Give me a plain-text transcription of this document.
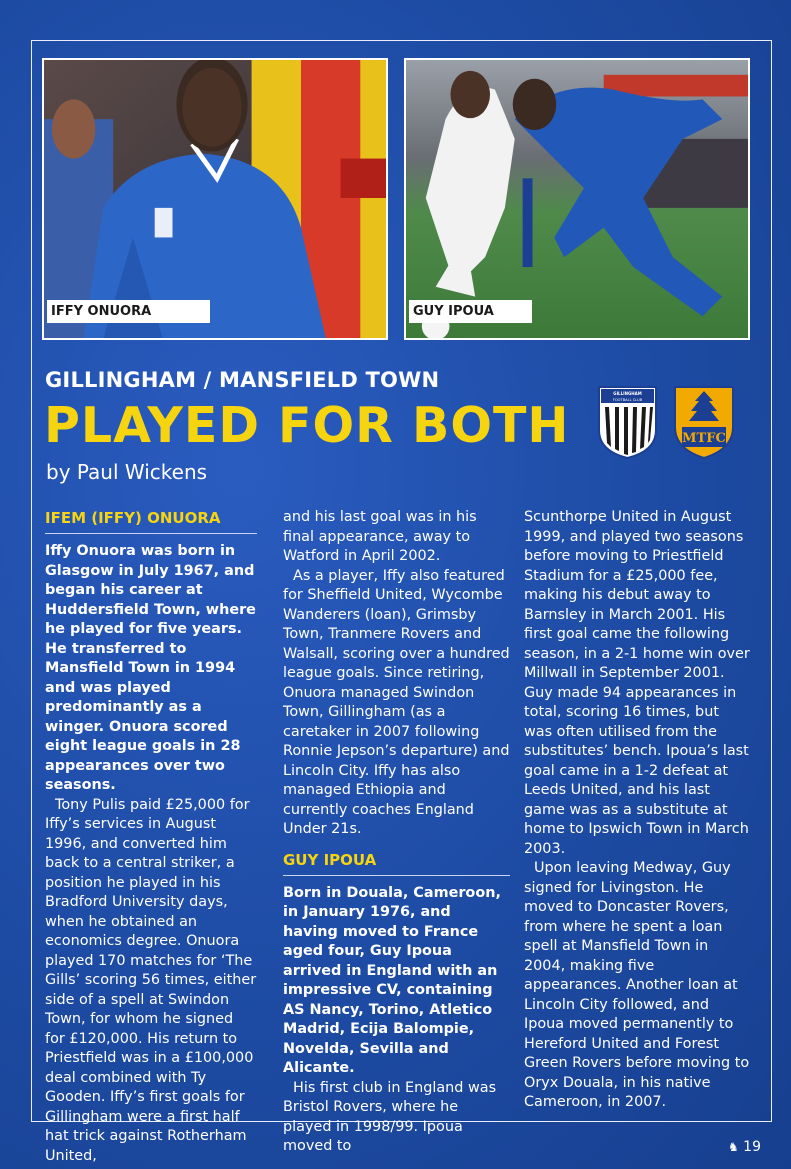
IFFY ONUORA	GUY IPOUA
GILLINGHAM / MANSFIELD TOWN
PLAYED FOR BOTH
by Paul Wickens
GILLINGHAM
FOOTBALL CLUB
MTFC
IFEM (IFFY) ONUORA

Iffy Onuora was born in Glasgow in July 1967, and began his career at Huddersfield Town, where he played for five years. He transferred to Mansfield Town in 1994 and was played predominantly as a winger. Onuora scored eight league goals in 28 appearances over two seasons.

Tony Pulis paid £25,000 for Iffy’s services in August 1996, and converted him back to a central striker, a position he played in his Bradford University days, when he obtained an economics degree. Onuora played 170 matches for ‘The Gills’ scoring 56 times, either side of a spell at Swindon Town, for whom he signed for £120,000. His return to Priestfield was in a £100,000 deal combined with Ty Gooden. Iffy’s first goals for Gillingham were a first half hat trick against Rotherham United,

and his last goal was in his final appearance, away to Watford in April 2002.

As a player, Iffy also featured for Sheffield United, Wycombe Wanderers (loan), Grimsby Town, Tranmere Rovers and Walsall, scoring over a hundred league goals. Since retiring, Onuora managed Swindon Town, Gillingham (as a caretaker in 2007 following Ronnie Jepson’s departure) and Lincoln City. Iffy has also managed Ethiopia and currently coaches England Under 21s.

GUY IPOUA

Born in Douala, Cameroon, in January 1976, and having moved to France aged four, Guy Ipoua arrived in England with an impressive CV, containing AS Nancy, Torino, Atletico Madrid, Ecija Balompie, Novelda, Sevilla and Alicante.

His first club in England was Bristol Rovers, where he played in 1998/99. Ipoua moved to

Scunthorpe United in August 1999, and played two seasons before moving to Priestfield Stadium for a £25,000 fee, making his debut away to Barnsley in March 2001. His first goal came the following season, in a 2-1 home win over Millwall in September 2001. Guy made 94 appearances in total, scoring 16 times, but was often utilised from the substitutes’ bench. Ipoua’s last goal came in a 1-2 defeat at Leeds United, and his last game was as a substitute at home to Ipswich Town in March 2003.

Upon leaving Medway, Guy signed for Livingston. He moved to Doncaster Rovers, from where he spent a loan spell at Mansfield Town in 2004, making five appearances. Another loan at Lincoln City followed, and Ipoua moved permanently to Hereford United and Forest Green Rovers before moving to Oryx Douala, in his native Cameroon, in 2007.

♞ 19
